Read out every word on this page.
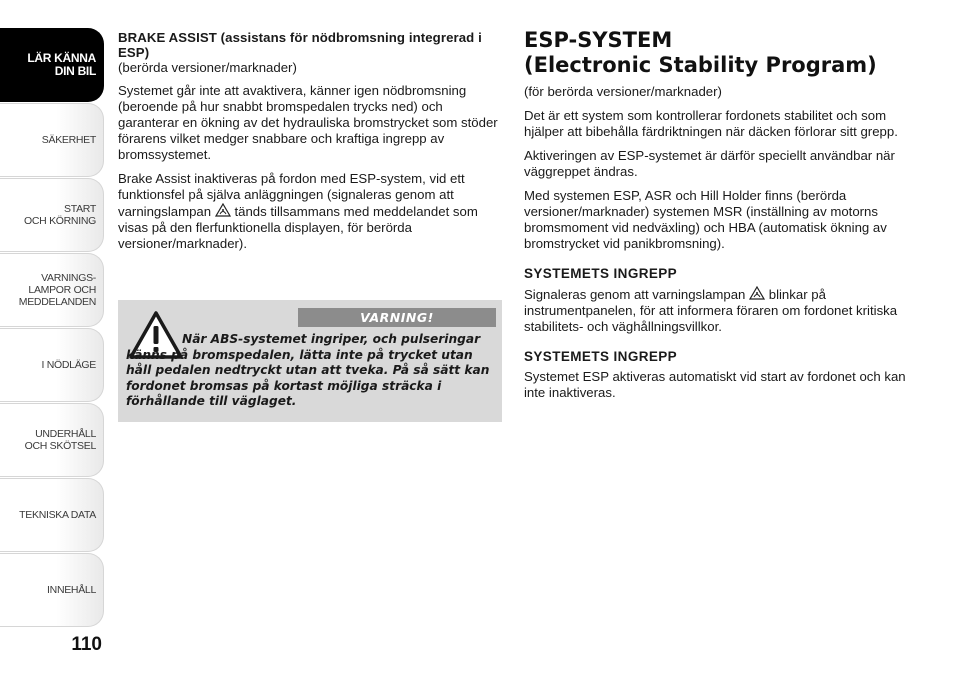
LÄR KÄNNA
DIN BIL
SÄKERHET
START
OCH KÖRNING
VARNINGS-
LAMPOR OCH
MEDDELANDEN
I NÖDLÄGE
UNDERHÅLL
OCH SKÖTSEL
TEKNISKA DATA
INNEHÅLL
110
BRAKE ASSIST (assistans för nödbromsning integrerad i ESP)
(berörda versioner/marknader)

Systemet går inte att avaktivera, känner igen nödbromsning (beroende på hur snabbt bromspedalen trycks ned) och garanterar en ökning av det hydrauliska bromstrycket som stöder förarens vilket medger snabbare och kraftiga ingrepp av bromssystemet.

Brake Assist inaktiveras på fordon med ESP-system, vid ett funktionsfel på själva anläggningen (signaleras genom att varningslampan tänds tillsammans med meddelandet som visas på den flerfunktionella displayen, för berörda versioner/marknader).

VARNING!

När ABS-systemet ingriper, och pulseringar känns på bromspedalen, lätta inte på trycket utan håll pedalen nedtryckt utan att tveka. På så sätt kan fordonet bromsas på kortast möjliga sträcka i förhållande till väglaget.

ESP-SYSTEM
(Electronic Stability Program)
(för berörda versioner/marknader)

Det är ett system som kontrollerar fordonets stabilitet och som hjälper att bibehålla färdriktningen när däcken förlorar sitt grepp.

Aktiveringen av ESP-systemet är därför speciellt användbar när väggreppet ändras.

Med systemen ESP, ASR och Hill Holder finns (berörda versioner/marknader) systemen MSR (inställning av motorns bromsmoment vid nedväxling) och HBA (automatisk ökning av bromstrycket vid panikbromsning).

SYSTEMETS INGREPP

Signaleras genom att varningslampan blinkar på instrumentpanelen, för att informera föraren om fordonet kritiska stabilitets- och väghållningsvillkor.

SYSTEMETS INGREPP

Systemet ESP aktiveras automatiskt vid start av fordonet och kan inte inaktiveras.
